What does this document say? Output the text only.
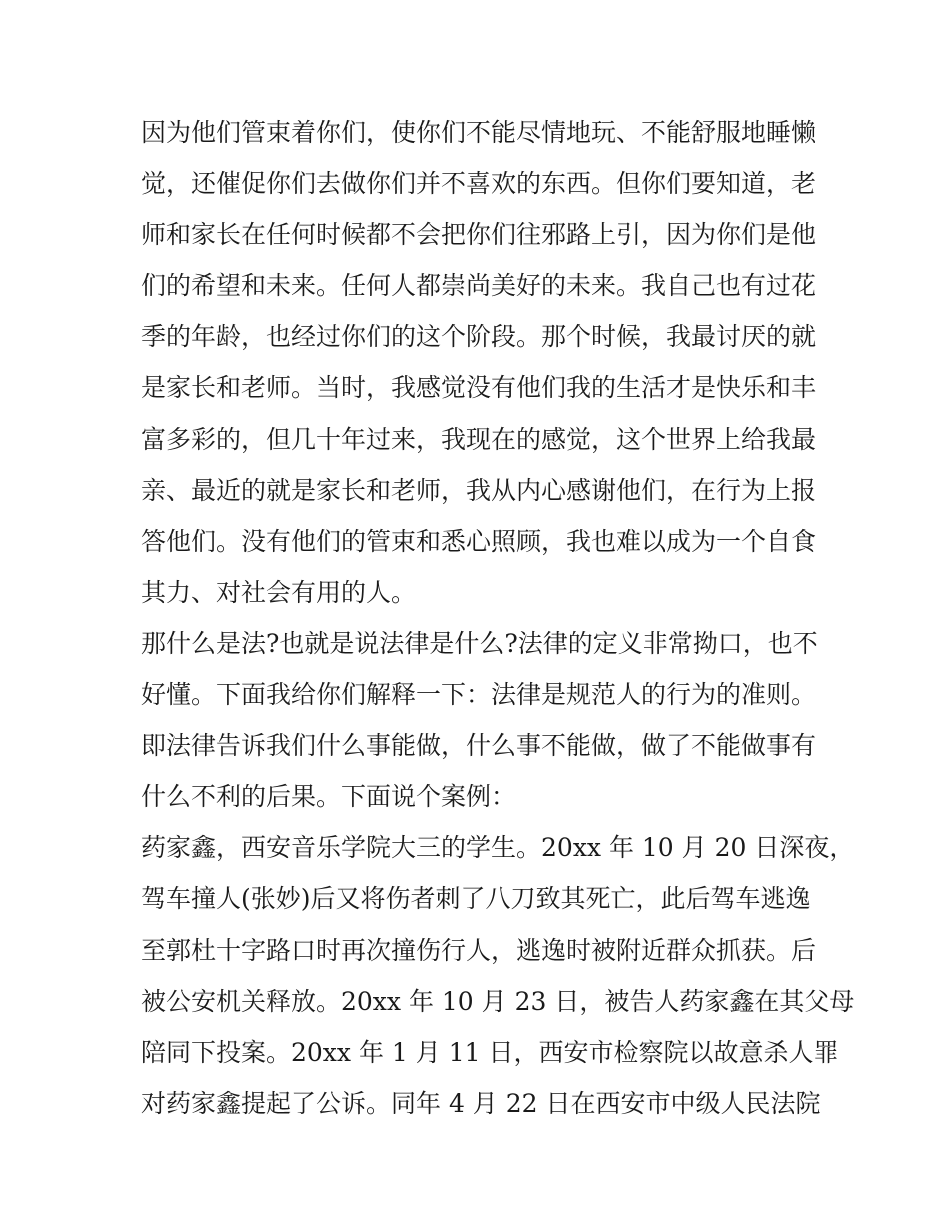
因为他们管束着你们，使你们不能尽情地玩、不能舒服地睡懒
觉，还催促你们去做你们并不喜欢的东西。但你们要知道，老
师和家长在任何时候都不会把你们往邪路上引，因为你们是他
们的希望和未来。任何人都崇尚美好的未来。我自己也有过花
季的年龄，也经过你们的这个阶段。那个时候，我最讨厌的就
是家长和老师。当时，我感觉没有他们我的生活才是快乐和丰
富多彩的，但几十年过来，我现在的感觉，这个世界上给我最
亲、最近的就是家长和老师，我从内心感谢他们，在行为上报
答他们。没有他们的管束和悉心照顾，我也难以成为一个自食
其力、对社会有用的人。
那什么是法?也就是说法律是什么?法律的定义非常拗口，也不
好懂。下面我给你们解释一下：法律是规范人的行为的准则。
即法律告诉我们什么事能做，什么事不能做，做了不能做事有
什么不利的后果。下面说个案例：
药家鑫，西安音乐学院大三的学生。20xx 年 10 月 20 日深夜，
驾车撞人(张妙)后又将伤者刺了八刀致其死亡，此后驾车逃逸
至郭杜十字路口时再次撞伤行人，逃逸时被附近群众抓获。后
被公安机关释放。20xx 年 10 月 23 日，被告人药家鑫在其父母
陪同下投案。20xx 年 1 月 11 日，西安市检察院以故意杀人罪
对药家鑫提起了公诉。同年 4 月 22 日在西安市中级人民法院
